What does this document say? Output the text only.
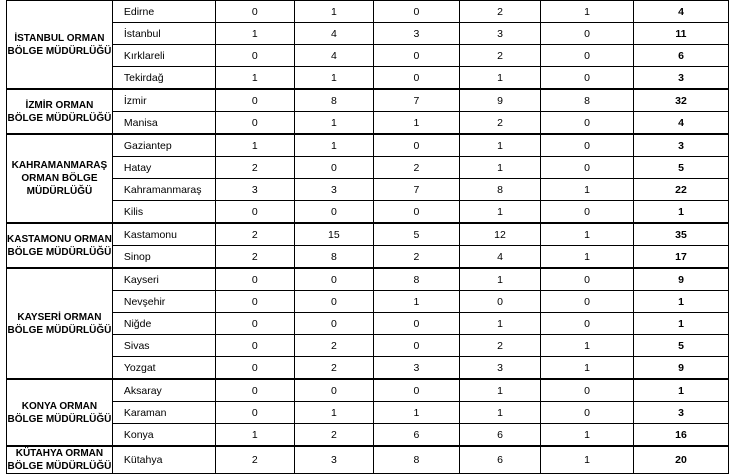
İSTANBUL ORMAN BÖLGE MÜDÜRLÜĞÜ	Edirne	0	1	0	2	1	4
	İstanbul	1	4	3	3	0	11
	Kırklareli	0	4	0	2	0	6
	Tekirdağ	1	1	0	1	0	3
İZMİR ORMAN BÖLGE MÜDÜRLÜĞÜ	İzmir	0	8	7	9	8	32
	Manisa	0	1	1	2	0	4
KAHRAMANMARAŞ ORMAN BÖLGE MÜDÜRLÜĞÜ	Gaziantep	1	1	0	1	0	3
	Hatay	2	0	2	1	0	5
	Kahramanmaraş	3	3	7	8	1	22
	Kilis	0	0	0	1	0	1
KASTAMONU ORMAN BÖLGE MÜDÜRLÜĞÜ	Kastamonu	2	15	5	12	1	35
	Sinop	2	8	2	4	1	17
KAYSERİ ORMAN BÖLGE MÜDÜRLÜĞÜ	Kayseri	0	0	8	1	0	9
	Nevşehir	0	0	1	0	0	1
	Niğde	0	0	0	1	0	1
	Sivas	0	2	0	2	1	5
	Yozgat	0	2	3	3	1	9
KONYA ORMAN BÖLGE MÜDÜRLÜĞÜ	Aksaray	0	0	0	1	0	1
	Karaman	0	1	1	1	0	3
	Konya	1	2	6	6	1	16
KÜTAHYA ORMAN BÖLGE MÜDÜRLÜĞÜ	Kütahya	2	3	8	6	1	20
